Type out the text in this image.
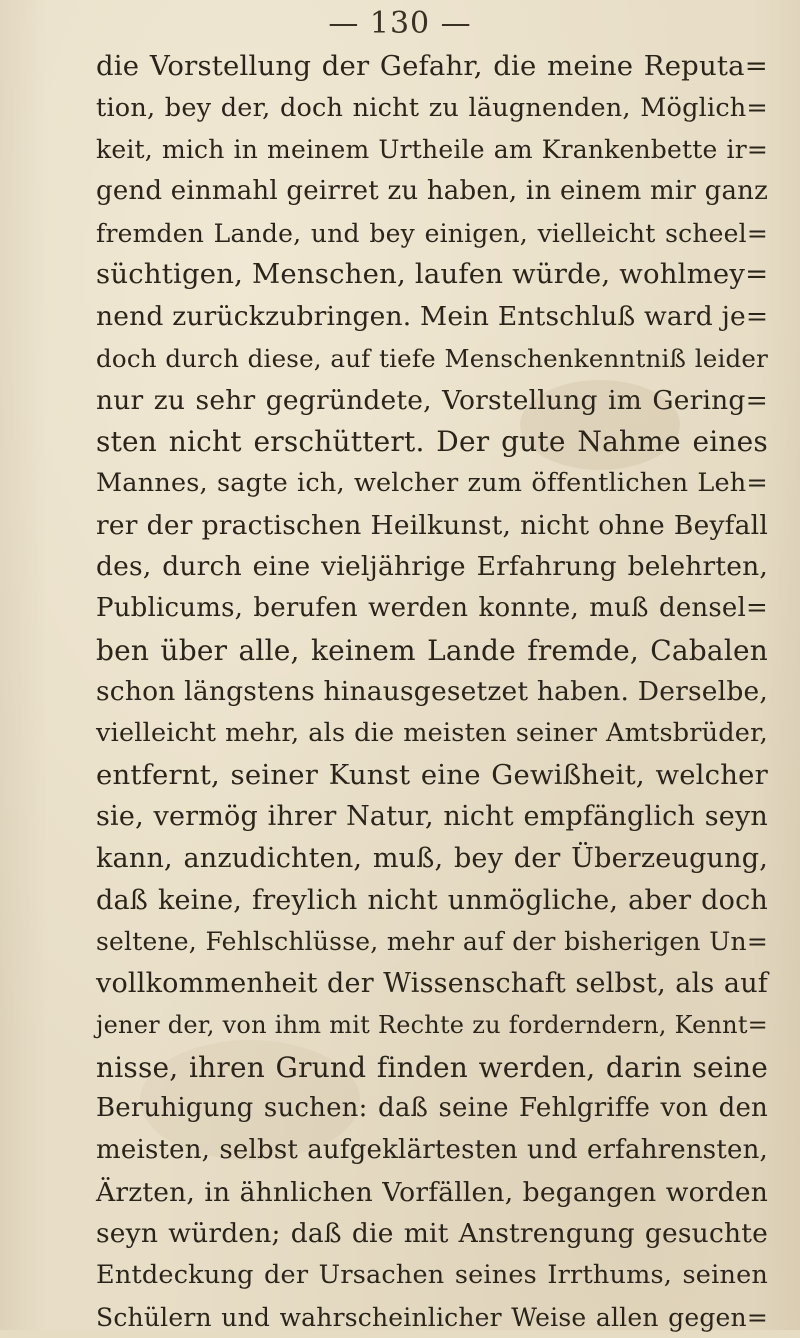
— 130 —
die Vorstellung der Gefahr, die meine Reputa=
tion, bey der, doch nicht zu läugnenden, Möglich=
keit, mich in meinem Urtheile am Krankenbette ir=
gend einmahl geirret zu haben, in einem mir ganz
fremden Lande, und bey einigen, vielleicht scheel=
süchtigen, Menschen, laufen würde, wohlmey=
nend zurückzubringen. Mein Entschluß ward je=
doch durch diese, auf tiefe Menschenkenntniß leider
nur zu sehr gegründete, Vorstellung im Gering=
sten nicht erschüttert. Der gute Nahme eines
Mannes, sagte ich, welcher zum öffentlichen Leh=
rer der practischen Heilkunst, nicht ohne Beyfall
des, durch eine vieljährige Erfahrung belehrten,
Publicums, berufen werden konnte, muß densel=
ben über alle, keinem Lande fremde, Cabalen
schon längstens hinausgesetzet haben. Derselbe,
vielleicht mehr, als die meisten seiner Amtsbrüder,
entfernt, seiner Kunst eine Gewißheit, welcher
sie, vermög ihrer Natur, nicht empfänglich seyn
kann, anzudichten, muß, bey der Überzeugung,
daß keine, freylich nicht unmögliche, aber doch
seltene, Fehlschlüsse, mehr auf der bisherigen Un=
vollkommenheit der Wissenschaft selbst, als auf
jener der, von ihm mit Rechte zu forderndern, Kennt=
nisse, ihren Grund finden werden, darin seine
Beruhigung suchen: daß seine Fehlgriffe von den
meisten, selbst aufgeklärtesten und erfahrensten,
Ärzten, in ähnlichen Vorfällen, begangen worden
seyn würden; daß die mit Anstrengung gesuchte
Entdeckung der Ursachen seines Irrthums, seinen
Schülern und wahrscheinlicher Weise allen gegen=
